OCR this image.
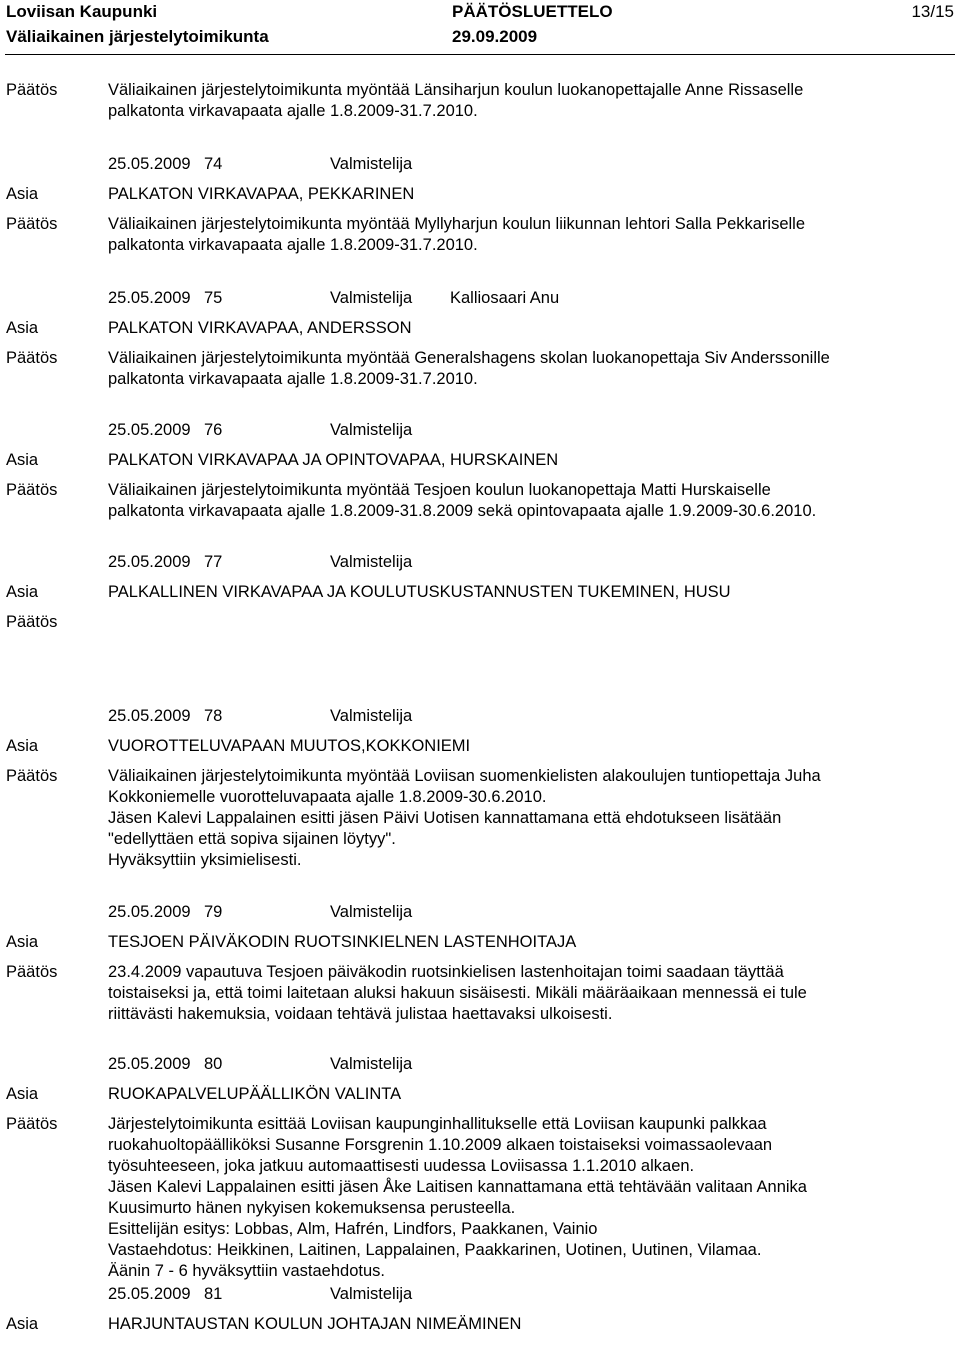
Loviisan Kaupunki	PÄÄTÖSLUETTELO	13/15
Väliaikainen järjestelytoimikunta	29.09.2009
Päätös	Väliaikainen järjestelytoimikunta myöntää Länsiharjun koulun luokanopettajalle Anne Rissaselle
palkatonta virkavapaata ajalle 1.8.2009-31.7.2010.
25.05.2009 74	Valmistelija
Asia	PALKATON VIRKAVAPAA, PEKKARINEN
Päätös	Väliaikainen järjestelytoimikunta myöntää Myllyharjun koulun liikunnan lehtori Salla Pekkariselle
palkatonta virkavapaata ajalle 1.8.2009-31.7.2010.
25.05.2009 75	Valmistelija	Kalliosaari Anu
Asia	PALKATON VIRKAVAPAA, ANDERSSON
Päätös	Väliaikainen järjestelytoimikunta myöntää Generalshagens skolan luokanopettaja Siv Anderssonille
palkatonta virkavapaata ajalle 1.8.2009-31.7.2010.
25.05.2009 76	Valmistelija
Asia	PALKATON VIRKAVAPAA JA OPINTOVAPAA, HURSKAINEN
Päätös	Väliaikainen järjestelytoimikunta myöntää Tesjoen koulun luokanopettaja Matti Hurskaiselle
palkatonta virkavapaata ajalle 1.8.2009-31.8.2009 sekä opintovapaata ajalle 1.9.2009-30.6.2010.
25.05.2009 77	Valmistelija
Asia	PALKALLINEN VIRKAVAPAA JA KOULUTUSKUSTANNUSTEN TUKEMINEN, HUSU
Päätös
25.05.2009 78	Valmistelija
Asia	VUOROTTELUVAPAAN MUUTOS,KOKKONIEMI
Päätös	Väliaikainen järjestelytoimikunta myöntää Loviisan suomenkielisten alakoulujen tuntiopettaja Juha
Kokkoniemelle vuorotteluvapaata ajalle 1.8.2009-30.6.2010.
Jäsen Kalevi Lappalainen esitti jäsen Päivi Uotisen kannattamana että ehdotukseen lisätään
"edellyttäen että sopiva sijainen löytyy".
Hyväksyttiin yksimielisesti.
25.05.2009 79	Valmistelija
Asia	TESJOEN PÄIVÄKODIN RUOTSINKIELNEN LASTENHOITAJA
Päätös	23.4.2009 vapautuva Tesjoen päiväkodin ruotsinkielisen lastenhoitajan toimi saadaan täyttää
toistaiseksi ja, että toimi laitetaan aluksi hakuun sisäisesti. Mikäli määräaikaan mennessä ei tule
riittävästi hakemuksia, voidaan tehtävä julistaa haettavaksi ulkoisesti.
25.05.2009 80	Valmistelija
Asia	RUOKAPALVELUPÄÄLLIKÖN VALINTA
Päätös	Järjestelytoimikunta esittää Loviisan kaupunginhallitukselle että Loviisan kaupunki palkkaa
ruokahuoltopäälliköksi Susanne Forsgrenin 1.10.2009 alkaen toistaiseksi voimassaolevaan
työsuhteeseen, joka jatkuu automaattisesti uudessa Loviisassa 1.1.2010 alkaen.
Jäsen Kalevi Lappalainen esitti jäsen Åke Laitisen kannattamana että tehtävään valitaan Annika
Kuusimurto hänen nykyisen kokemuksensa perusteella.
Esittelijän esitys: Lobbas, Alm, Hafrén, Lindfors, Paakkanen, Vainio
Vastaehdotus: Heikkinen, Laitinen, Lappalainen, Paakkarinen, Uotinen, Uutinen, Vilamaa.
Äänin 7 - 6 hyväksyttiin vastaehdotus.
25.05.2009 81	Valmistelija
Asia	HARJUNTAUSTAN KOULUN JOHTAJAN NIMEÄMINEN
